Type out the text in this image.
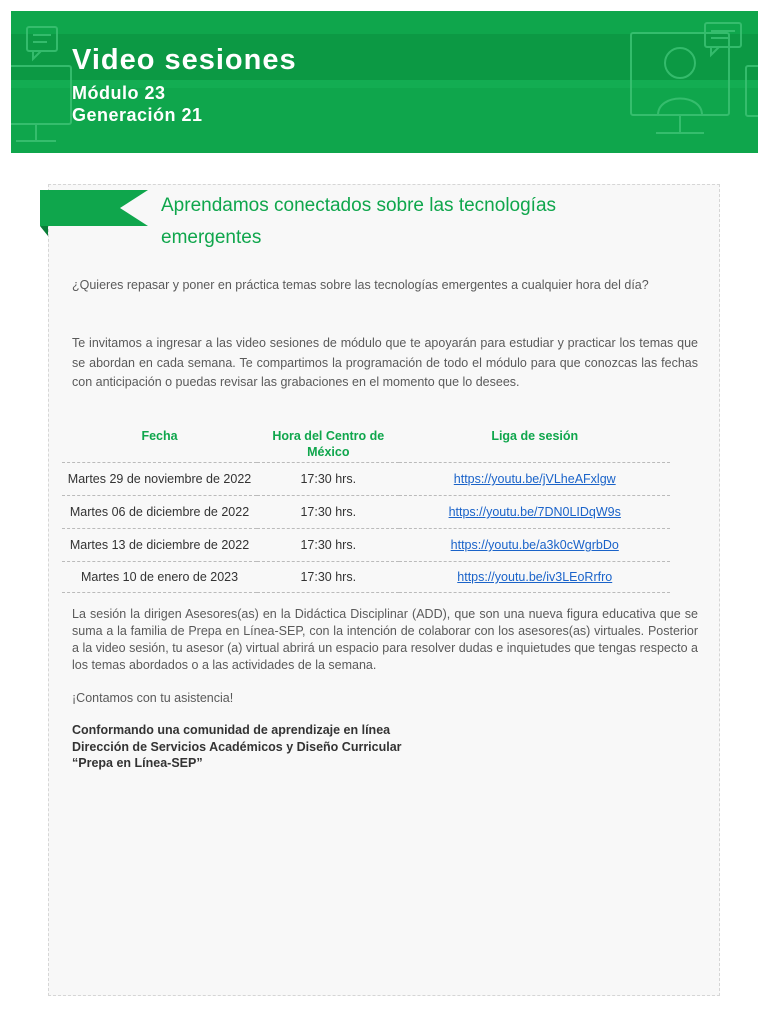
Video sesiones
Módulo 23
Generación 21
Aprendamos conectados sobre las tecnologías emergentes

¿Quieres repasar y poner en práctica temas sobre las tecnologías emergentes a cualquier hora del día?

Te invitamos a ingresar a las video sesiones de módulo que te apoyarán para estudiar y practicar los temas que se abordan en cada semana. Te compartimos la programación de todo el módulo para que conozcas las fechas con anticipación o puedas revisar las grabaciones en el momento que lo desees.

Fecha	Hora del Centro de México	Liga de sesión
Martes 29 de noviembre de 2022	17:30 hrs.	https://youtu.be/jVLheAFxlgw
Martes 06 de diciembre de 2022	17:30 hrs.	https://youtu.be/7DN0LIDqW9s
Martes 13 de diciembre de 2022	17:30 hrs.	https://youtu.be/a3k0cWgrbDo
Martes 10 de enero de 2023	17:30 hrs.	https://youtu.be/iv3LEoRrfro

La sesión la dirigen Asesores(as) en la Didáctica Disciplinar (ADD), que son una nueva figura educativa que se suma a la familia de Prepa en Línea-SEP, con la intención de colaborar con los asesores(as) virtuales. Posterior a la video sesión, tu asesor (a) virtual abrirá un espacio para resolver dudas e inquietudes que tengas respecto a los temas abordados o a las actividades de la semana.

¡Contamos con tu asistencia!

Conformando una comunidad de aprendizaje en línea
Dirección de Servicios Académicos y Diseño Curricular
“Prepa en Línea-SEP”
